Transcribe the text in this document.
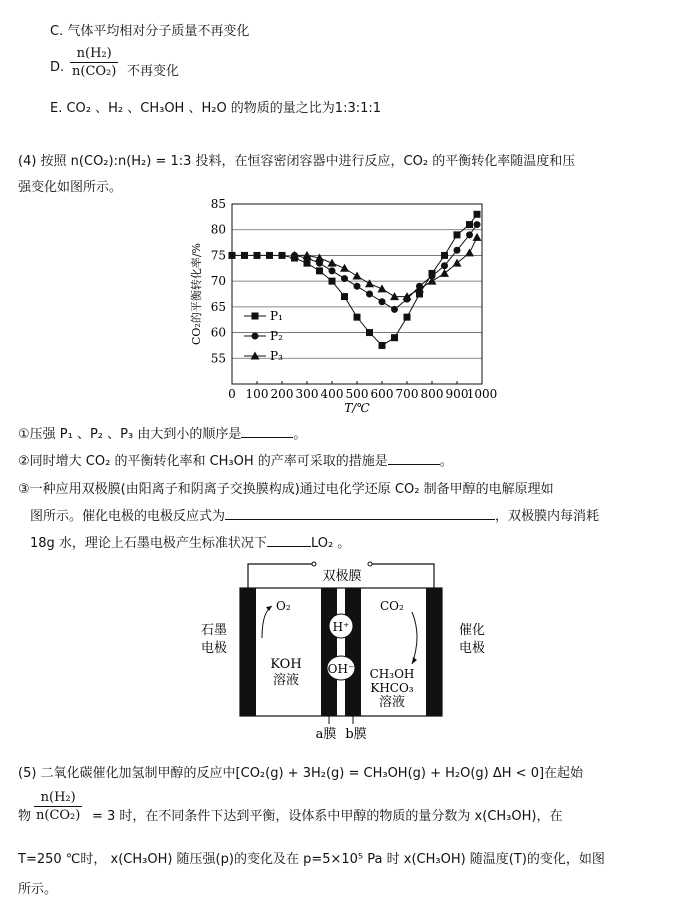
C. 气体平均相对分子质量不再变化
D.
n(H₂)
n(CO₂) 不再变化
E. CO₂ 、H₂ 、CH₃OH 、H₂O 的物质的量之比为1:3:1:1
(4) 按照 n(CO₂):n(H₂) = 1:3 投料，在恒容密闭容器中进行反应，CO₂ 的平衡转化率随温度和压
强变化如图所示。
55
60
65
70
75
80
85
0 100 200 300 400 500 600 700 800 900
1000
T/℃
CO₂的平衡转化率/%	P₁
P₂
P₃
①压强 P₁ 、P₂ 、P₃ 由大到小的顺序是	。
②同时增大 CO₂ 的平衡转化率和 CH₃OH 的产率可采取的措施是	。
③一种应用双极膜(由阳离子和阴离子交换膜构成)通过电化学还原 CO₂ 制备甲醇的电解原理如
图所示。催化电极的电极反应式为	，双极膜内每消耗
18g 水，理论上石墨电极产生标准状况下	LO₂ 。
双极膜
H⁺
OH⁻
O₂	CO₂
KOH
溶液	CH₃OH
KHCO₃
溶液
石墨
电极
催化
电极
a膜 b膜
(5) 二氧化碳催化加氢制甲醇的反应中[CO₂(g) + 3H₂(g) = CH₃OH(g) + H₂O(g) ΔH < 0]在起始
物
n(H₂)
n(CO₂) = 3 时，在不同条件下达到平衡，设体系中甲醇的物质的量分数为 x(CH₃OH)，在
T=250 ℃时， x(CH₃OH) 随压强(p)的变化及在 p=5×10⁵ Pa 时 x(CH₃OH) 随温度(T)的变化，如图
所示。
